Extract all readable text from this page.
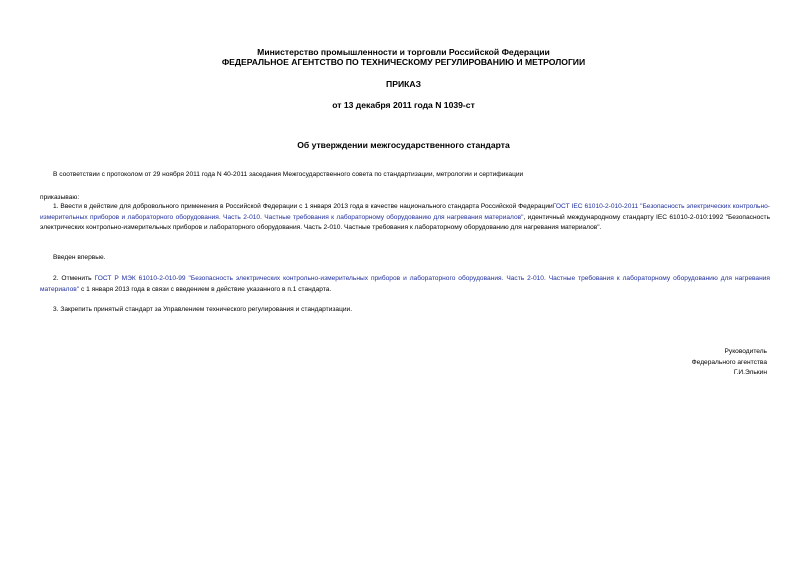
Министерство промышленности и торговли Российской Федерации
ФЕДЕРАЛЬНОЕ АГЕНТСТВО ПО ТЕХНИЧЕСКОМУ РЕГУЛИРОВАНИЮ И МЕТРОЛОГИИ
ПРИКАЗ
от 13 декабря 2011 года N 1039-ст
Об утверждении межгосударственного стандарта
В соответствии с протоколом от 29 ноября 2011 года N 40-2011 заседания Межгосударственного совета по стандартизации, метрологии и сертификации
приказываю:
1. Ввести в действие для добровольного применения в Российской Федерации с 1 января 2013 года в качестве национального стандарта Российской ФедерацииГОСТ IEC 61010-2-010-2011 "Безопасность электрических контрольно-измерительных приборов и лабораторного оборудования. Часть 2-010. Частные требования к лабораторному оборудованию для нагревания материалов", идентичный международному стандарту IEC 61010-2-010:1992 "Безопасность электрических контрольно-измерительных приборов и лабораторного оборудования. Часть 2-010. Частные требования к лабораторному оборудованию для нагревания материалов".
Введен впервые.
2. Отменить ГОСТ Р МЭК 61010-2-010-99 "Безопасность электрических контрольно-измерительных приборов и лабораторного оборудования. Часть 2-010. Частные требования к лабораторному оборудованию для нагревания материалов" с 1 января 2013 года в связи с введением в действие указанного в п.1 стандарта.
3. Закрепить принятый стандарт за Управлением технического регулирования и стандартизации.
Руководитель
Федерального агентства
Г.И.Элькин
